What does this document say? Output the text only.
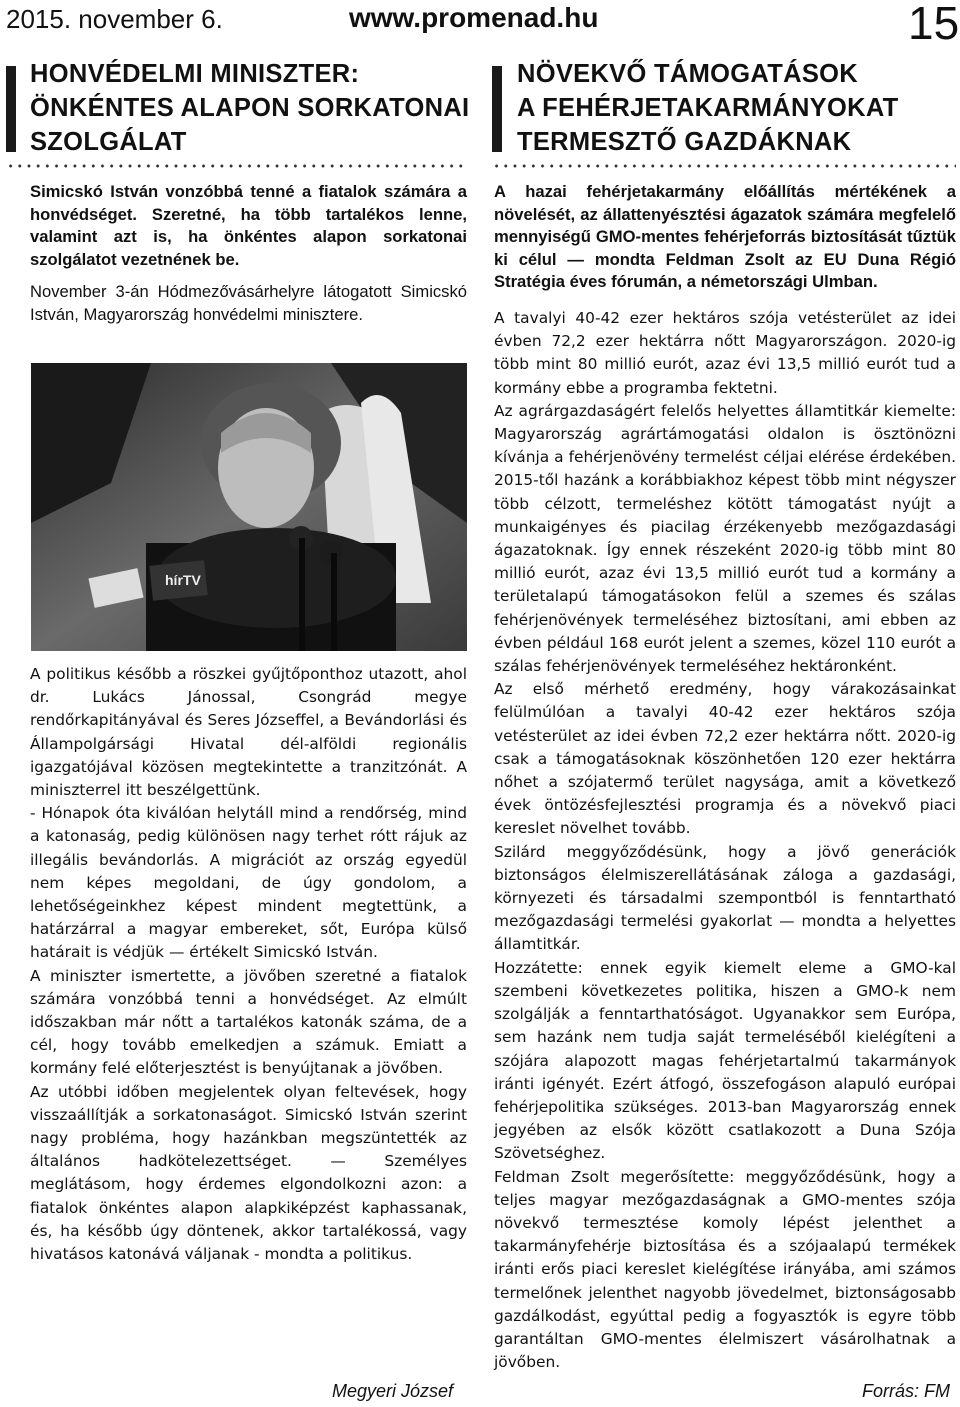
2015. november 6.	www.promenad.hu	15
HONVÉDELMI MINISZTER:
ÖNKÉNTES ALAPON SORKATONAI
SZOLGÁLAT
Simicskó István vonzóbbá tenné a fiatalok számára a honvédséget. Szeretné, ha több tartalékos lenne, valamint azt is, ha önkéntes alapon sorkatonai szolgálatot vezetnének be.
November 3-án Hódmezővásárhelyre látogatott Simicskó István, Magyarország honvédelmi minisztere.
hírTV

A politikus később a röszkei gyűjtőponthoz utazott, ahol dr. Lukács Jánossal, Csongrád megye rendőrkapitányával és Seres Józseffel, a Bevándorlási és Állampolgársági Hivatal dél-alföldi regionális igazgatójával közösen megtekintette a tranzitzónát. A miniszterrel itt beszélgettünk.

- Hónapok óta kiválóan helytáll mind a rendőrség, mind a katonaság, pedig különösen nagy terhet rótt rájuk az illegális bevándorlás. A migrációt az ország egyedül nem képes megoldani, de úgy gondolom, a lehetőségeinkhez képest mindent megtettünk, a határzárral a magyar embereket, sőt, Európa külső határait is védjük — értékelt Simicskó István.

A miniszter ismertette, a jövőben szeretné a fiatalok számára vonzóbbá tenni a honvédséget. Az elmúlt időszakban már nőtt a tartalékos katonák száma, de a cél, hogy tovább emelkedjen a számuk. Emiatt a kormány felé előterjesztést is benyújtanak a jövőben.

Az utóbbi időben megjelentek olyan feltevések, hogy visszaállítják a sorkatonaságot. Simicskó István szerint nagy probléma, hogy hazánkban megszüntették az általános hadkötelezettséget. — Személyes meglátásom, hogy érdemes elgondolkozni azon: a fiatalok önkéntes alapon alapkiképzést kaphassanak, és, ha később úgy döntenek, akkor tartalékossá, vagy hivatásos katonává váljanak - mondta a politikus.

Megyeri József
NÖVEKVŐ TÁMOGATÁSOK
A FEHÉRJETAKARMÁNYOKAT
TERMESZTŐ GAZDÁKNAK
A hazai fehérjetakarmány előállítás mértékének a növelését, az állattenyésztési ágazatok számára megfelelő mennyiségű GMO-mentes fehérjeforrás biztosítását tűztük ki célul — mondta Feldman Zsolt az EU Duna Régió Stratégia éves fórumán, a németországi Ulmban.

A tavalyi 40-42 ezer hektáros szója vetésterület az idei évben 72,2 ezer hektárra nőtt Magyarországon. 2020-ig több mint 80 millió eurót, azaz évi 13,5 millió eurót tud a kormány ebbe a programba fektetni.

Az agrárgazdaságért felelős helyettes államtitkár kiemelte: Magyarország agrártámogatási oldalon is ösztönözni kívánja a fehérjenövény termelést céljai elérése érdekében. 2015-től hazánk a korábbiakhoz képest több mint négyszer több célzott, termeléshez kötött támogatást nyújt a munkaigényes és piacilag érzékenyebb mezőgazdasági ágazatoknak. Így ennek részeként 2020-ig több mint 80 millió eurót, azaz évi 13,5 millió eurót tud a kormány a területalapú támogatásokon felül a szemes és szálas fehérjenövények termeléséhez biztosítani, ami ebben az évben például 168 eurót jelent a szemes, közel 110 eurót a szálas fehérjenövények termeléséhez hektáronként.

Az első mérhető eredmény, hogy várakozásainkat felülmúlóan a tavalyi 40-42 ezer hektáros szója vetésterület az idei évben 72,2 ezer hektárra nőtt. 2020-ig csak a támogatásoknak köszönhetően 120 ezer hektárra nőhet a szójatermő terület nagysága, amit a következő évek öntözésfejlesztési programja és a növekvő piaci kereslet növelhet tovább.

Szilárd meggyőződésünk, hogy a jövő generációk biztonságos élelmiszerellátásának záloga a gazdasági, környezeti és társadalmi szempontból is fenntartható mezőgazdasági termelési gyakorlat — mondta a helyettes államtitkár.

Hozzátette: ennek egyik kiemelt eleme a GMO-kal szembeni következetes politika, hiszen a GMO-k nem szolgálják a fenntarthatóságot. Ugyanakkor sem Európa, sem hazánk nem tudja saját termeléséből kielégíteni a szójára alapozott magas fehérjetartalmú takarmányok iránti igényét. Ezért átfogó, összefogáson alapuló európai fehérjepolitika szükséges. 2013-ban Magyarország ennek jegyében az elsők között csatlakozott a Duna Szója Szövetséghez.

Feldman Zsolt megerősítette: meggyőződésünk, hogy a teljes magyar mezőgazdaságnak a GMO-mentes szója növekvő termesztése komoly lépést jelenthet a takarmányfehérje biztosítása és a szójaalapú termékek iránti erős piaci kereslet kielégítése irányába, ami számos termelőnek jelenthet nagyobb jövedelmet, biztonságosabb gazdálkodást, egyúttal pedig a fogyasztók is egyre több garantáltan GMO-mentes élelmiszert vásárolhatnak a jövőben.

Forrás: FM
